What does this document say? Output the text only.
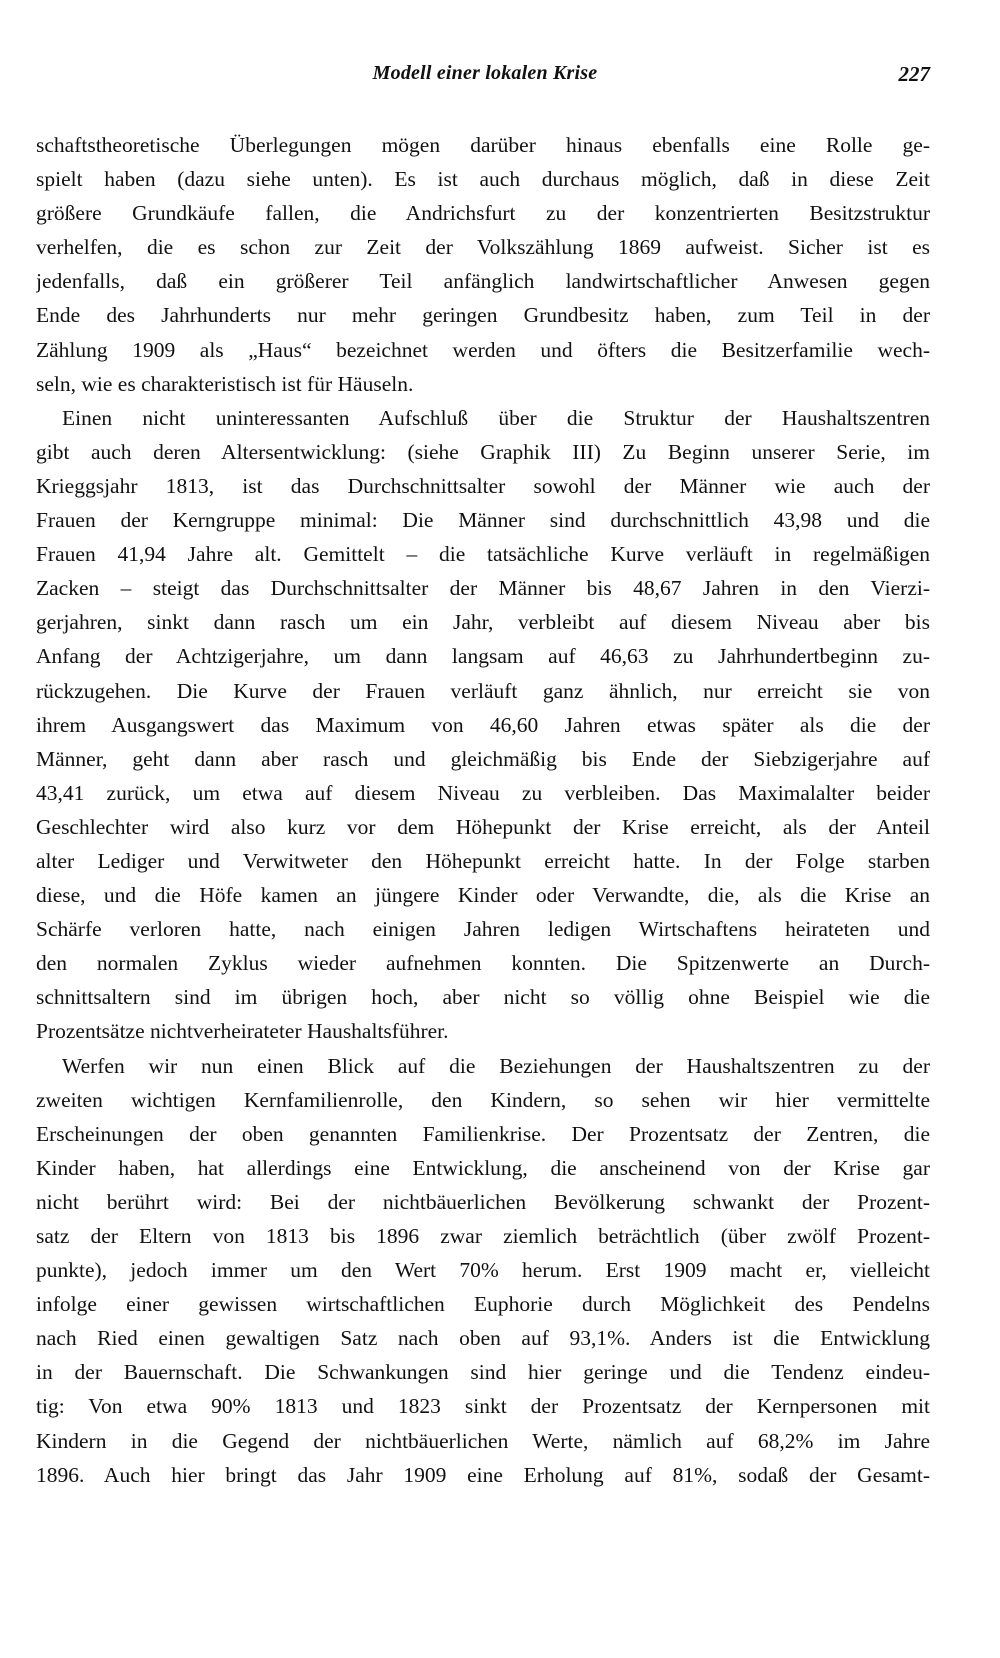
Modell einer lokalen Krise	227
schaftstheoretische Überlegungen mögen darüber hinaus ebenfalls eine Rolle ge-
spielt haben (dazu siehe unten). Es ist auch durchaus möglich, daß in diese Zeit
größere Grundkäufe fallen, die Andrichsfurt zu der konzentrierten Besitzstruktur
verhelfen, die es schon zur Zeit der Volkszählung 1869 aufweist. Sicher ist es
jedenfalls, daß ein größerer Teil anfänglich landwirtschaftlicher Anwesen gegen
Ende des Jahrhunderts nur mehr geringen Grundbesitz haben, zum Teil in der
Zählung 1909 als „Haus“ bezeichnet werden und öfters die Besitzerfamilie wech-
seln, wie es charakteristisch ist für Häuseln.
Einen nicht uninteressanten Aufschluß über die Struktur der Haushaltszentren
gibt auch deren Altersentwicklung: (siehe Graphik III) Zu Beginn unserer Serie, im
Krieggsjahr 1813, ist das Durchschnittsalter sowohl der Männer wie auch der
Frauen der Kerngruppe minimal: Die Männer sind durchschnittlich 43,98 und die
Frauen 41,94 Jahre alt. Gemittelt – die tatsächliche Kurve verläuft in regelmäßigen
Zacken – steigt das Durchschnittsalter der Männer bis 48,67 Jahren in den Vierzi-
gerjahren, sinkt dann rasch um ein Jahr, verbleibt auf diesem Niveau aber bis
Anfang der Achtzigerjahre, um dann langsam auf 46,63 zu Jahrhundertbeginn zu-
rückzugehen. Die Kurve der Frauen verläuft ganz ähnlich, nur erreicht sie von
ihrem Ausgangswert das Maximum von 46,60 Jahren etwas später als die der
Männer, geht dann aber rasch und gleichmäßig bis Ende der Siebzigerjahre auf
43,41 zurück, um etwa auf diesem Niveau zu verbleiben. Das Maximalalter beider
Geschlechter wird also kurz vor dem Höhepunkt der Krise erreicht, als der Anteil
alter Lediger und Verwitweter den Höhepunkt erreicht hatte. In der Folge starben
diese, und die Höfe kamen an jüngere Kinder oder Verwandte, die, als die Krise an
Schärfe verloren hatte, nach einigen Jahren ledigen Wirtschaftens heirateten und
den normalen Zyklus wieder aufnehmen konnten. Die Spitzenwerte an Durch-
schnittsaltern sind im übrigen hoch, aber nicht so völlig ohne Beispiel wie die
Prozentsätze nichtverheirateter Haushaltsführer.
Werfen wir nun einen Blick auf die Beziehungen der Haushaltszentren zu der
zweiten wichtigen Kernfamilienrolle, den Kindern, so sehen wir hier vermittelte
Erscheinungen der oben genannten Familienkrise. Der Prozentsatz der Zentren, die
Kinder haben, hat allerdings eine Entwicklung, die anscheinend von der Krise gar
nicht berührt wird: Bei der nichtbäuerlichen Bevölkerung schwankt der Prozent-
satz der Eltern von 1813 bis 1896 zwar ziemlich beträchtlich (über zwölf Prozent-
punkte), jedoch immer um den Wert 70% herum. Erst 1909 macht er, vielleicht
infolge einer gewissen wirtschaftlichen Euphorie durch Möglichkeit des Pendelns
nach Ried einen gewaltigen Satz nach oben auf 93,1%. Anders ist die Entwicklung
in der Bauernschaft. Die Schwankungen sind hier geringe und die Tendenz eindeu-
tig: Von etwa 90% 1813 und 1823 sinkt der Prozentsatz der Kernpersonen mit
Kindern in die Gegend der nichtbäuerlichen Werte, nämlich auf 68,2% im Jahre
1896. Auch hier bringt das Jahr 1909 eine Erholung auf 81%, sodaß der Gesamt-
